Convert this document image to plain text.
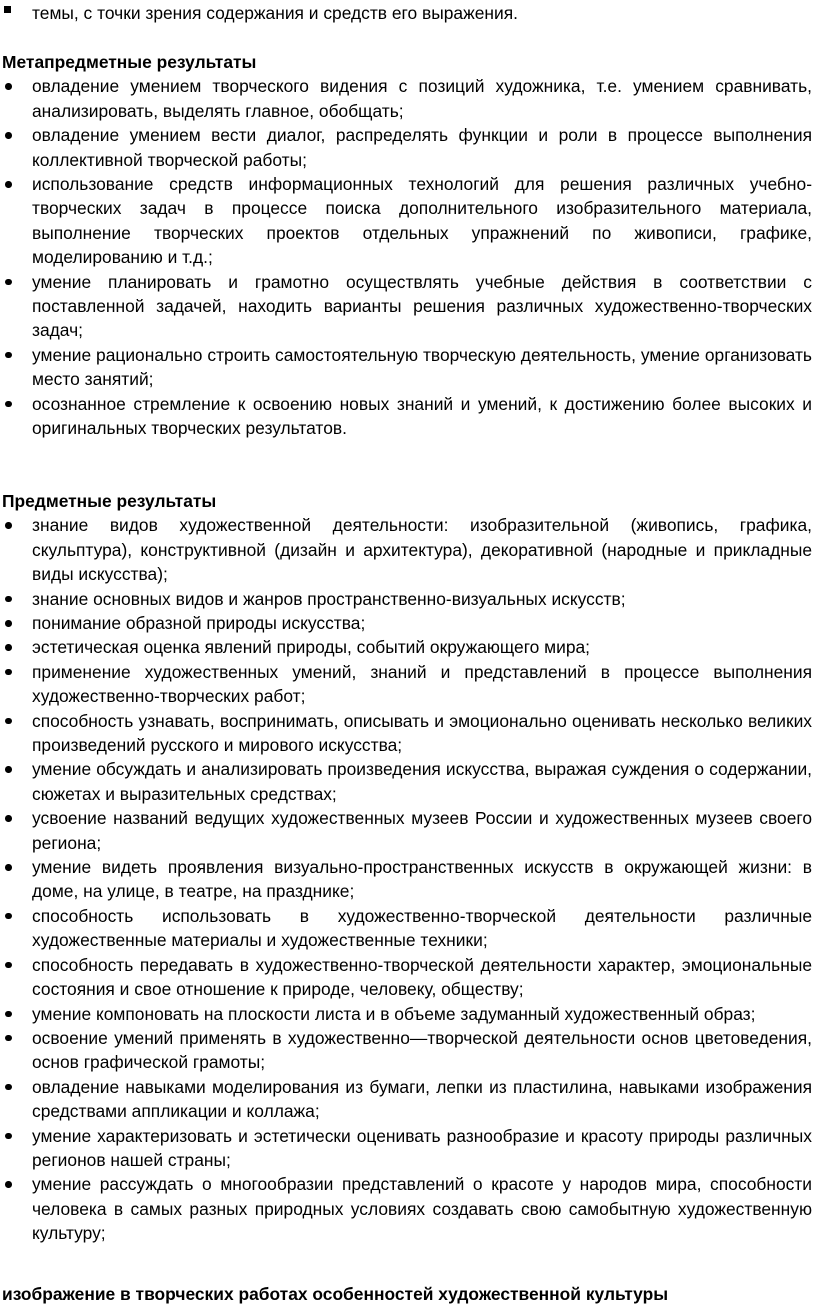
темы, с точки зрения содержания и средств его выражения.
Метапредметные результаты
овладение умением творческого видения с позиций художника, т.е. умением сравнивать, анализировать, выделять главное, обобщать;
овладение умением вести диалог, распределять функции и роли в процессе выполнения коллективной творческой работы;
использование средств информационных технологий для решения различных учебно-творческих задач в процессе поиска дополнительного изобразительного материала, выполнение творческих проектов отдельных упражнений по живописи, графике, моделированию и т.д.;
умение планировать и грамотно осуществлять учебные действия в соответствии с поставленной задачей, находить варианты решения различных художественно-творческих задач;
умение рационально строить самостоятельную творческую деятельность, умение организовать место занятий;
осознанное стремление к освоению новых знаний и умений, к достижению более высоких и оригинальных творческих результатов.
Предметные результаты
знание видов художественной деятельности: изобразительной (живопись, графика, скульптура), конструктивной (дизайн и архитектура), декоративной (народные и прикладные виды искусства);
знание основных видов и жанров пространственно-визуальных искусств;
понимание образной природы искусства;
эстетическая оценка явлений природы, событий окружающего мира;
применение художественных умений, знаний и представлений в процессе выполнения художественно-творческих работ;
способность узнавать, воспринимать, описывать и эмоционально оценивать несколько великих произведений русского и мирового искусства;
умение обсуждать и анализировать произведения искусства, выражая суждения о содержании, сюжетах и выразительных средствах;
усвоение названий ведущих художественных музеев России и художественных музеев своего региона;
умение видеть проявления визуально-пространственных искусств в окружающей жизни: в доме, на улице, в театре, на празднике;
способность использовать в художественно-творческой деятельности различные художественные материалы и художественные техники;
способность передавать в художественно-творческой деятельности характер, эмоциональные состояния и свое отношение к природе, человеку, обществу;
умение компоновать на плоскости листа и в объеме задуманный художественный образ;
освоение умений применять в художественно—творческой деятельности основ цветоведения, основ графической грамоты;
овладение навыками моделирования из бумаги, лепки из пластилина, навыками изображения средствами аппликации и коллажа;
умение характеризовать и эстетически оценивать разнообразие и красоту природы различных регионов нашей страны;
умение рассуждать о многообразии представлений о красоте у народов мира, способности человека в самых разных природных условиях создавать свою самобытную художественную культуру;
изображение в творческих работах особенностей художественной культуры
